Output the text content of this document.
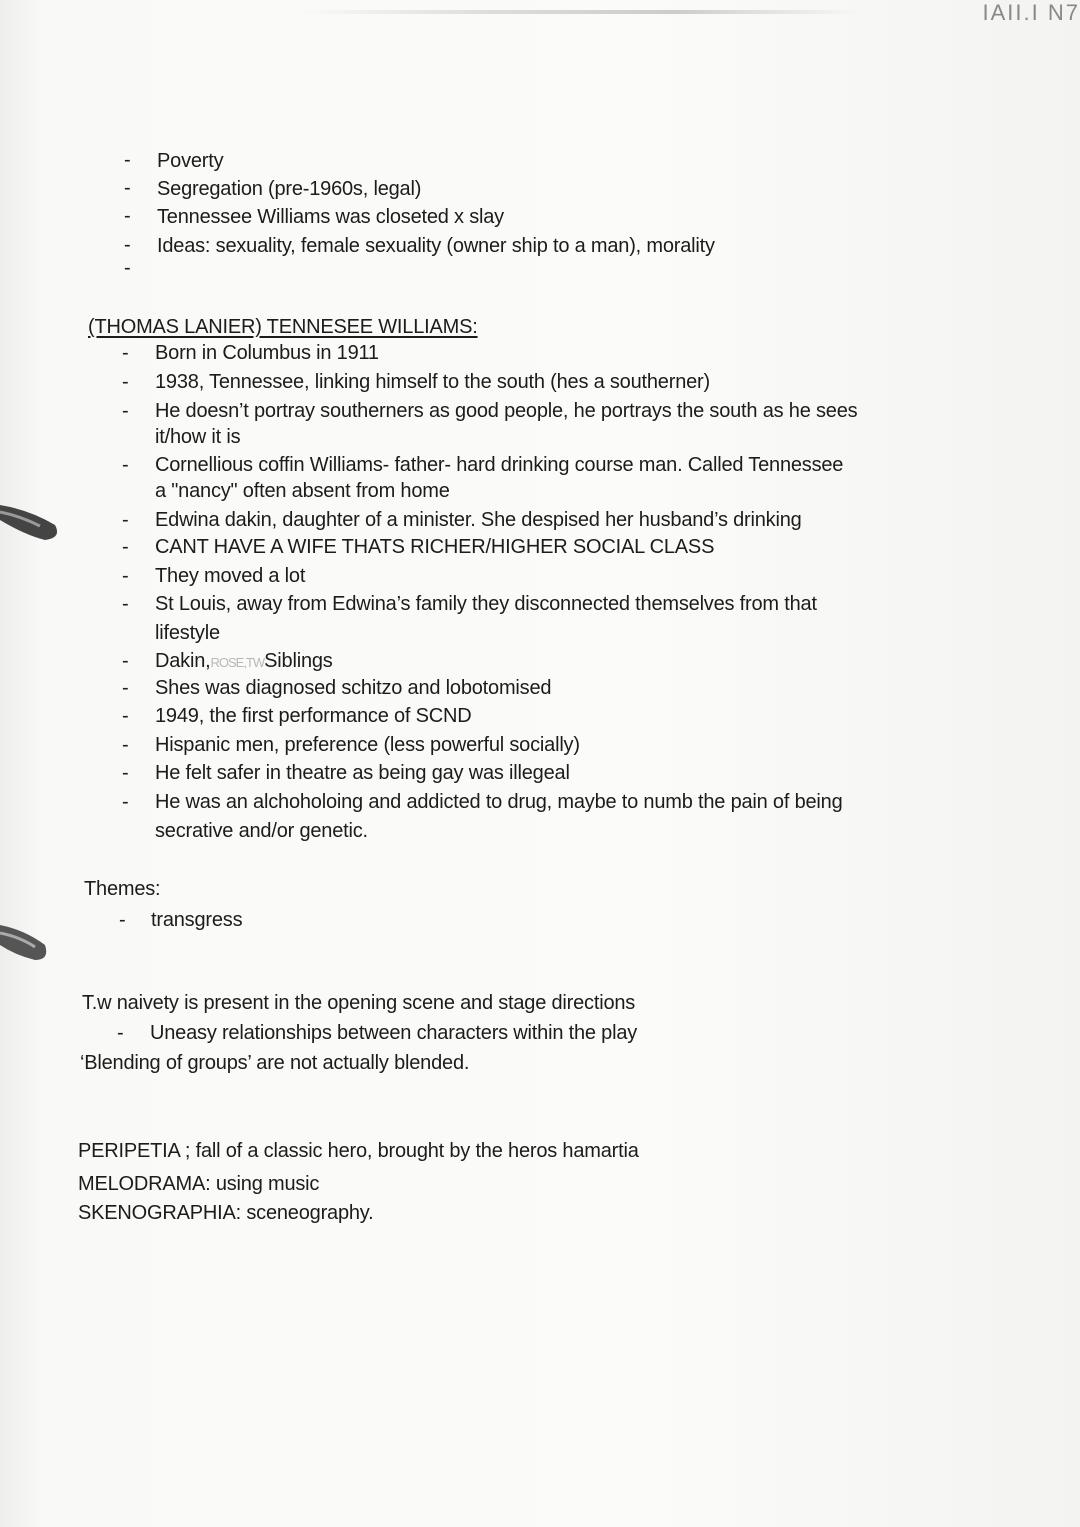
IAII.I N7
- Poverty
- Segregation (pre-1960s, legal)
- Tennessee Williams was closeted x slay
- Ideas: sexuality, female sexuality (owner ship to a man), morality
-
(THOMAS LANIER) TENNESEE WILLIAMS:
- Born in Columbus in 1911
- 1938, Tennessee, linking himself to the south (hes a southerner)
- He doesn’t portray southerners as good people, he portrays the south as he sees
it/how it is
- Cornellious coffin Williams- father- hard drinking course man. Called Tennessee
a "nancy" often absent from home
- Edwina dakin, daughter of a minister. She despised her husband’s drinking
- CANT HAVE A WIFE THATS RICHER/HIGHER SOCIAL CLASS
- They moved a lot
- St Louis, away from Edwina’s family they disconnected themselves from that
lifestyle
- Dakin,ROSE,TWSiblings
- Shes was diagnosed schitzo and lobotomised
- 1949, the first performance of SCND
- Hispanic men, preference (less powerful socially)
- He felt safer in theatre as being gay was illegeal
- He was an alchoholoing and addicted to drug, maybe to numb the pain of being
secrative and/or genetic.
Themes:
- transgress
T.w naivety is present in the opening scene and stage directions
- Uneasy relationships between characters within the play
‘Blending of groups’ are not actually blended.
PERIPETIA ; fall of a classic hero, brought by the heros hamartia
MELODRAMA: using music
SKENOGRAPHIA: sceneography.
